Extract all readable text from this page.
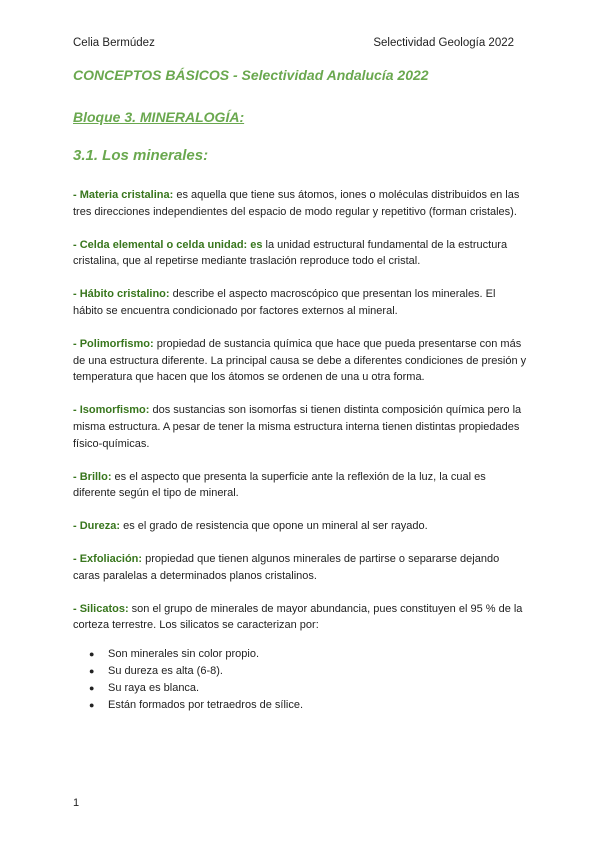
Celia Bermúdez	Selectividad Geología 2022
CONCEPTOS BÁSICOS - Selectividad Andalucía 2022
Bloque 3. MINERALOGÍA:
3.1. Los minerales:

- Materia cristalina: es aquella que tiene sus átomos, iones o moléculas distribuidos en las tres direcciones independientes del espacio de modo regular y repetitivo (forman cristales).

- Celda elemental o celda unidad: es la unidad estructural fundamental de la estructura cristalina, que al repetirse mediante traslación reproduce todo el cristal.

- Hábito cristalino: describe el aspecto macroscópico que presentan los minerales. El hábito se encuentra condicionado por factores externos al mineral.

- Polimorfismo: propiedad de sustancia química que hace que pueda presentarse con más de una estructura diferente. La principal causa se debe a diferentes condiciones de presión y temperatura que hacen que los átomos se ordenen de una u otra forma.

- Isomorfismo: dos sustancias son isomorfas si tienen distinta composición química pero la misma estructura. A pesar de tener la misma estructura interna tienen distintas propiedades físico-químicas.

- Brillo: es el aspecto que presenta la superficie ante la reflexión de la luz, la cual es diferente según el tipo de mineral.

- Dureza: es el grado de resistencia que opone un mineral al ser rayado.

- Exfoliación: propiedad que tienen algunos minerales de partirse o separarse dejando caras paralelas a determinados planos cristalinos.

- Silicatos: son el grupo de minerales de mayor abundancia, pues constituyen el 95 % de la corteza terrestre. Los silicatos se caracterizan por:

● Son minerales sin color propio.
● Su dureza es alta (6-8).
● Su raya es blanca.
● Están formados por tetraedros de sílice.
1
